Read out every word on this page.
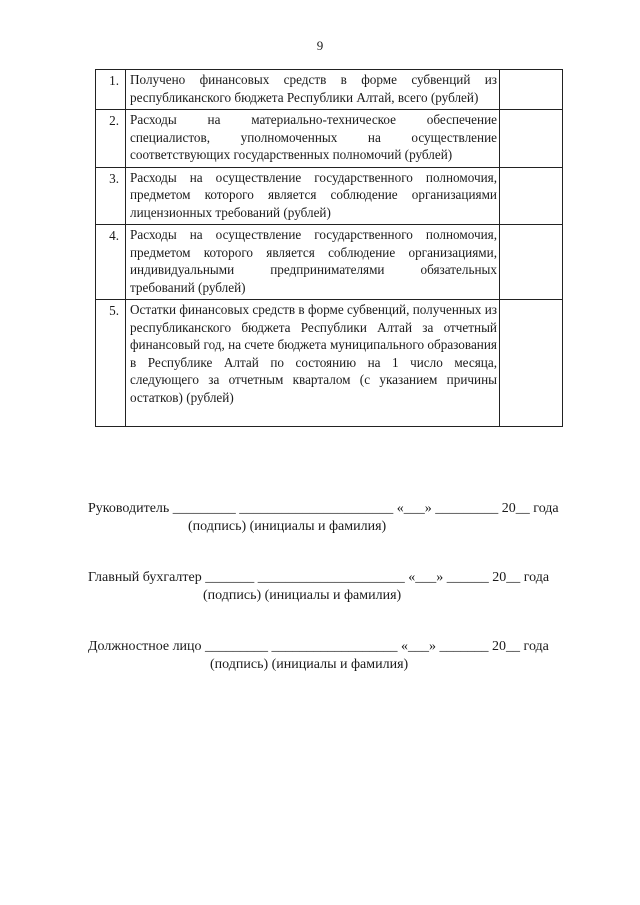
9
1.	Получено финансовых средств в форме субвенций из республиканского бюджета Республики Алтай, всего (рублей)	

2.	Расходы на материально-техническое обеспечение специалистов, уполномоченных на осуществление соответствующих государственных полномочий (рублей)	

3.	Расходы на осуществление государственного полномочия, предметом которого является соблюдение организациями лицензионных требований (рублей)	

4.	Расходы на осуществление государственного полномочия, предметом которого является соблюдение организациями, индивидуальными предпринимателями обязательных требований (рублей)	

5.	Остатки финансовых средств в форме субвенций, полученных из республиканского бюджета Республики Алтай за отчетный финансовый год, на счете бюджета муниципального образования в Республике Алтай по состоянию на 1 число месяца, следующего за отчетным кварталом (с указанием причины остатков) (рублей)	

Руководитель _________ ______________________ «___» _________ 20__ года
(подпись) (инициалы и фамилия)
Главный бухгалтер _______ _____________________ «___» ______ 20__ года
(подпись) (инициалы и фамилия)
Должностное лицо _________ __________________ «___» _______ 20__ года
(подпись) (инициалы и фамилия)
